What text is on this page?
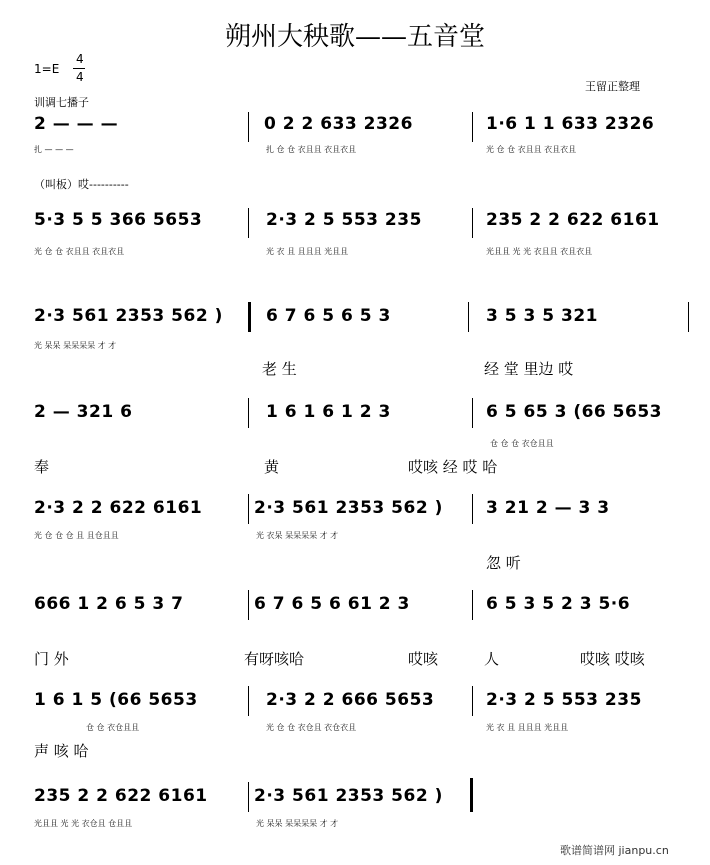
朔州大秧歌——五音堂
1=E
4
4
训调七播子
王留正整理
2 — — —
扎 — — —
0 2 2 633 2326
扎 仓 仓 衣且且 衣且衣且
1·6 1 1 633 2326
光 仓 仓 衣且且 衣且衣且
（叫板）哎----------
5·3 5 5 366 5653
光 仓 仓 衣且且 衣且衣且
2·3 2 5 553 235
光 衣 且 且且且 光且且
235 2 2 622 6161
光且且 光 光 衣且且 衣且衣且
2·3 561 2353 562 )
光 呆呆 呆呆呆呆 才 才
6 7 6 5 6 5 3	3 5 3 5 321
老 生	经 堂 里边 哎
2 — 321 6	1 6 1 6 1 2 3	6 5 65 3 (66 5653
仓 仓 仓 衣仓且且
奉	黄	哎咳 经 哎 哈
2·3 2 2 622 6161
光 仓 仓 仓 且 且仓且且
2·3 561 2353 562 )
光 衣呆 呆呆呆呆 才 才
3 21 2 — 3 3
忽 听
666 1 2 6 5 3 7	6 7 6 5 6 61 2 3	6 5 3 5 2 3 5·6
门 外	有呀咳哈	哎咳	人	哎咳 哎咳
1 6 1 5 (66 5653
仓 仓 衣仓且且
2·3 2 2 666 5653
光 仓 仓 衣仓且 衣仓衣且
2·3 2 5 553 235
光 衣 且 且且且 光且且
声 咳 哈
235 2 2 622 6161
光且且 光 光 衣仓且 仓且且
2·3 561 2353 562 )
光 呆呆 呆呆呆呆 才 才
歌谱简谱网 jianpu.cn
